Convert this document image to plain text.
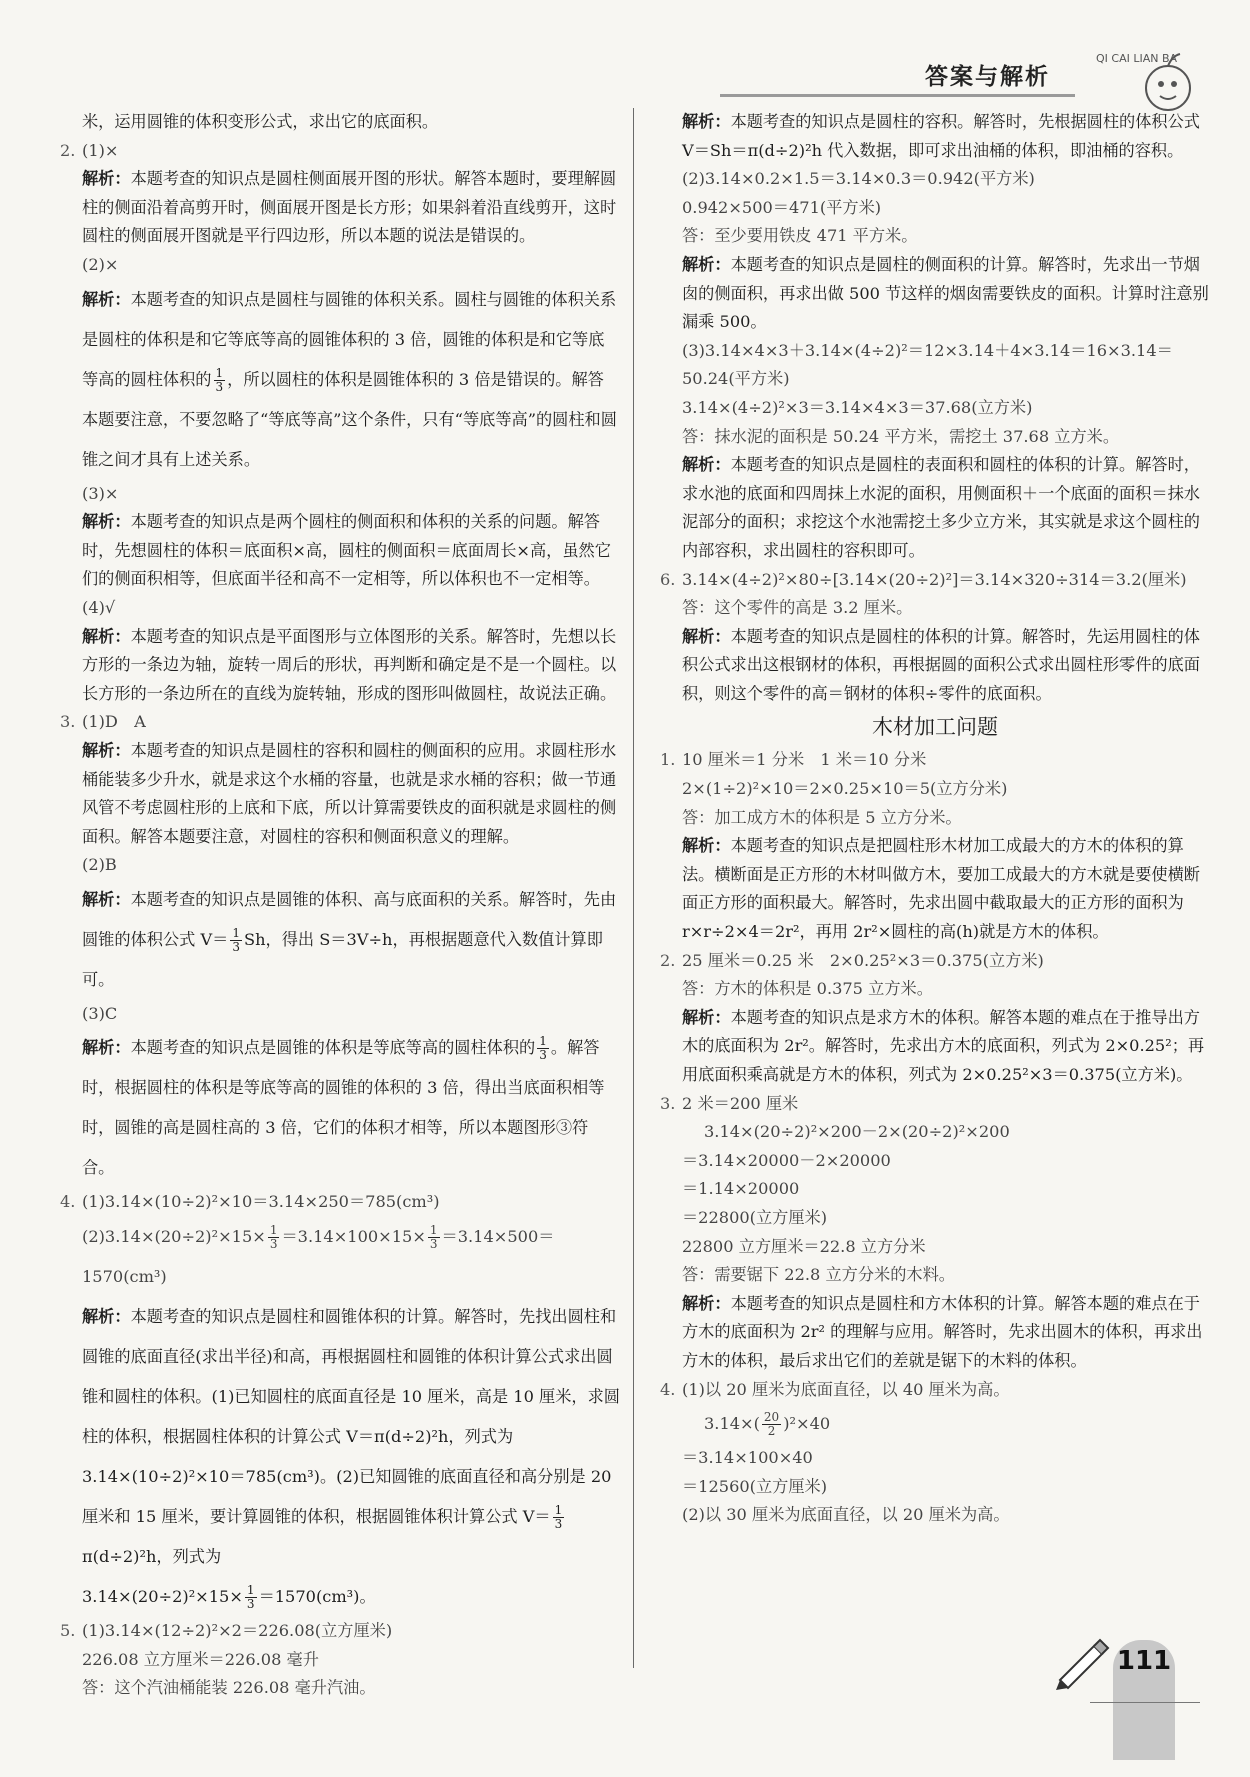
答案与解析
QI CAI LIAN BA

米，运用圆锥的体积变形公式，求出它的底面积。

2. (1)×

解析：本题考查的知识点是圆柱侧面展开图的形状。解答本题时，要理解圆柱的侧面沿着高剪开时，侧面展开图是长方形；如果斜着沿直线剪开，这时圆柱的侧面展开图就是平行四边形，所以本题的说法是错误的。

(2)×

解析：本题考查的知识点是圆柱与圆锥的体积关系。圆柱与圆锥的体积关系是圆柱的体积是和它等底等高的圆锥体积的 3 倍，圆锥的体积是和它等底等高的圆柱体积的 $\frac{1}{3}$ ，所以圆柱的体积是圆锥体积的 3 倍是错误的。解答本题要注意，不要忽略了“等底等高”这个条件，只有“等底等高”的圆柱和圆锥之间才具有上述关系。

(3)×

解析：本题考查的知识点是两个圆柱的侧面积和体积的关系的问题。解答时，先想圆柱的体积＝底面积×高，圆柱的侧面积＝底面周长×高，虽然它们的侧面积相等，但底面半径和高不一定相等，所以体积也不一定相等。

(4)√

解析：本题考查的知识点是平面图形与立体图形的关系。解答时，先想以长方形的一条边为轴，旋转一周后的形状，再判断和确定是不是一个圆柱。以长方形的一条边所在的直线为旋转轴，形成的图形叫做圆柱，故说法正确。

3. (1)D　A

解析：本题考查的知识点是圆柱的容积和圆柱的侧面积的应用。求圆柱形水桶能装多少升水，就是求这个水桶的容量，也就是求水桶的容积；做一节通风管不考虑圆柱形的上底和下底，所以计算需要铁皮的面积就是求圆柱的侧面积。解答本题要注意，对圆柱的容积和侧面积意义的理解。

(2)B

解析：本题考查的知识点是圆锥的体积、高与底面积的关系。解答时，先由圆锥的体积公式 $V= \frac{1}{3}$ Sh，得出 S＝3V÷h，再根据题意代入数值计算即可。

(3)C

解析：本题考查的知识点是圆锥的体积是等底等高的圆柱体积的 $\frac{1}{3}$ 。解答时，根据圆柱的体积是等底等高的圆锥的体积的 3 倍，得出当底面积相等时，圆锥的高是圆柱高的 3 倍，它们的体积才相等，所以本题图形③符合。

4. (1)3.14×(10÷2)²×10＝3.14×250＝785(cm³)

$(2)3.14\times(20\div 2)^2\times 15\times \frac{1}{3} =3.14\times 100\times 15\times \frac{1}{3} =3.14\times 500=1570(cm^3)$

解析：本题考查的知识点是圆柱和圆锥体积的计算。解答时，先找出圆柱和圆锥的底面直径(求出半径)和高，再根据圆柱和圆锥的体积计算公式求出圆锥和圆柱的体积。(1)已知圆柱的底面直径是 10 厘米，高是 10 厘米，求圆柱的体积，根据圆柱体积的计算公式 V＝π(d÷2)²h，列式为 3.14×(10÷2)²×10＝785(cm³)。(2)已知圆锥的底面直径和高分别是 20 厘米和 15 厘米，要计算圆锥的体积，根据圆锥体积计算公式 $V= \frac{1}{3}$
π(d÷2)²h，列式为

$3.14\times(20\div 2)^2\times 15\times \frac{1}{3} =1570(cm^3)$。

5. (1)3.14×(12÷2)²×2＝226.08(立方厘米)

226.08 立方厘米＝226.08 毫升

答：这个汽油桶能装 226.08 毫升汽油。

解析：本题考查的知识点是圆柱的容积。解答时，先根据圆柱的体积公式 V＝Sh＝π(d÷2)²h 代入数据，即可求出油桶的体积，即油桶的容积。

(2)3.14×0.2×1.5＝3.14×0.3＝0.942(平方米)

0.942×500＝471(平方米)

答：至少要用铁皮 471 平方米。

解析：本题考查的知识点是圆柱的侧面积的计算。解答时，先求出一节烟囱的侧面积，再求出做 500 节这样的烟囱需要铁皮的面积。计算时注意别漏乘 500。

(3)3.14×4×3＋3.14×(4÷2)²＝12×3.14＋4×3.14＝16×3.14＝50.24(平方米)

3.14×(4÷2)²×3＝3.14×4×3＝37.68(立方米)

答：抹水泥的面积是 50.24 平方米，需挖土 37.68 立方米。

解析：本题考查的知识点是圆柱的表面积和圆柱的体积的计算。解答时，求水池的底面和四周抹上水泥的面积，用侧面积＋一个底面的面积＝抹水泥部分的面积；求挖这个水池需挖土多少立方米，其实就是求这个圆柱的内部容积，求出圆柱的容积即可。

6. 3.14×(4÷2)²×80÷[3.14×(20÷2)²]＝3.14×320÷314＝3.2(厘米)

答：这个零件的高是 3.2 厘米。

解析：本题考查的知识点是圆柱的体积的计算。解答时，先运用圆柱的体积公式求出这根钢材的体积，再根据圆的面积公式求出圆柱形零件的底面积，则这个零件的高＝钢材的体积÷零件的底面积。

木材加工问题

1. 10 厘米＝1 分米　1 米＝10 分米

2×(1÷2)²×10＝2×0.25×10＝5(立方分米)

答：加工成方木的体积是 5 立方分米。

解析：本题考查的知识点是把圆柱形木材加工成最大的方木的体积的算法。横断面是正方形的木材叫做方木，要加工成最大的方木就是要使横断面正方形的面积最大。解答时，先求出圆中截取最大的正方形的面积为 r×r÷2×4＝2r²，再用 2r²×圆柱的高(h)就是方木的体积。

2. 25 厘米＝0.25 米　2×0.25²×3＝0.375(立方米)

答：方木的体积是 0.375 立方米。

解析：本题考查的知识点是求方木的体积。解答本题的难点在于推导出方木的底面积为 2r²。解答时，先求出方木的底面积，列式为 2×0.25²；再用底面积乘高就是方木的体积，列式为 2×0.25²×3＝0.375(立方米)。

3. 2 米＝200 厘米

3.14×(20÷2)²×200－2×(20÷2)²×200

＝3.14×20000－2×20000

＝1.14×20000

＝22800(立方厘米)

22800 立方厘米＝22.8 立方分米

答：需要锯下 22.8 立方分米的木料。

解析：本题考查的知识点是圆柱和方木体积的计算。解答本题的难点在于方木的底面积为 2r² 的理解与应用。解答时，先求出圆木的体积，再求出方木的体积，最后求出它们的差就是锯下的木料的体积。

4. (1)以 20 厘米为底面直径，以 40 厘米为高。

$3.14\times( \frac{20}{2} )^2\times 40$

＝3.14×100×40

＝12560(立方厘米)

(2)以 30 厘米为底面直径，以 20 厘米为高。

111
